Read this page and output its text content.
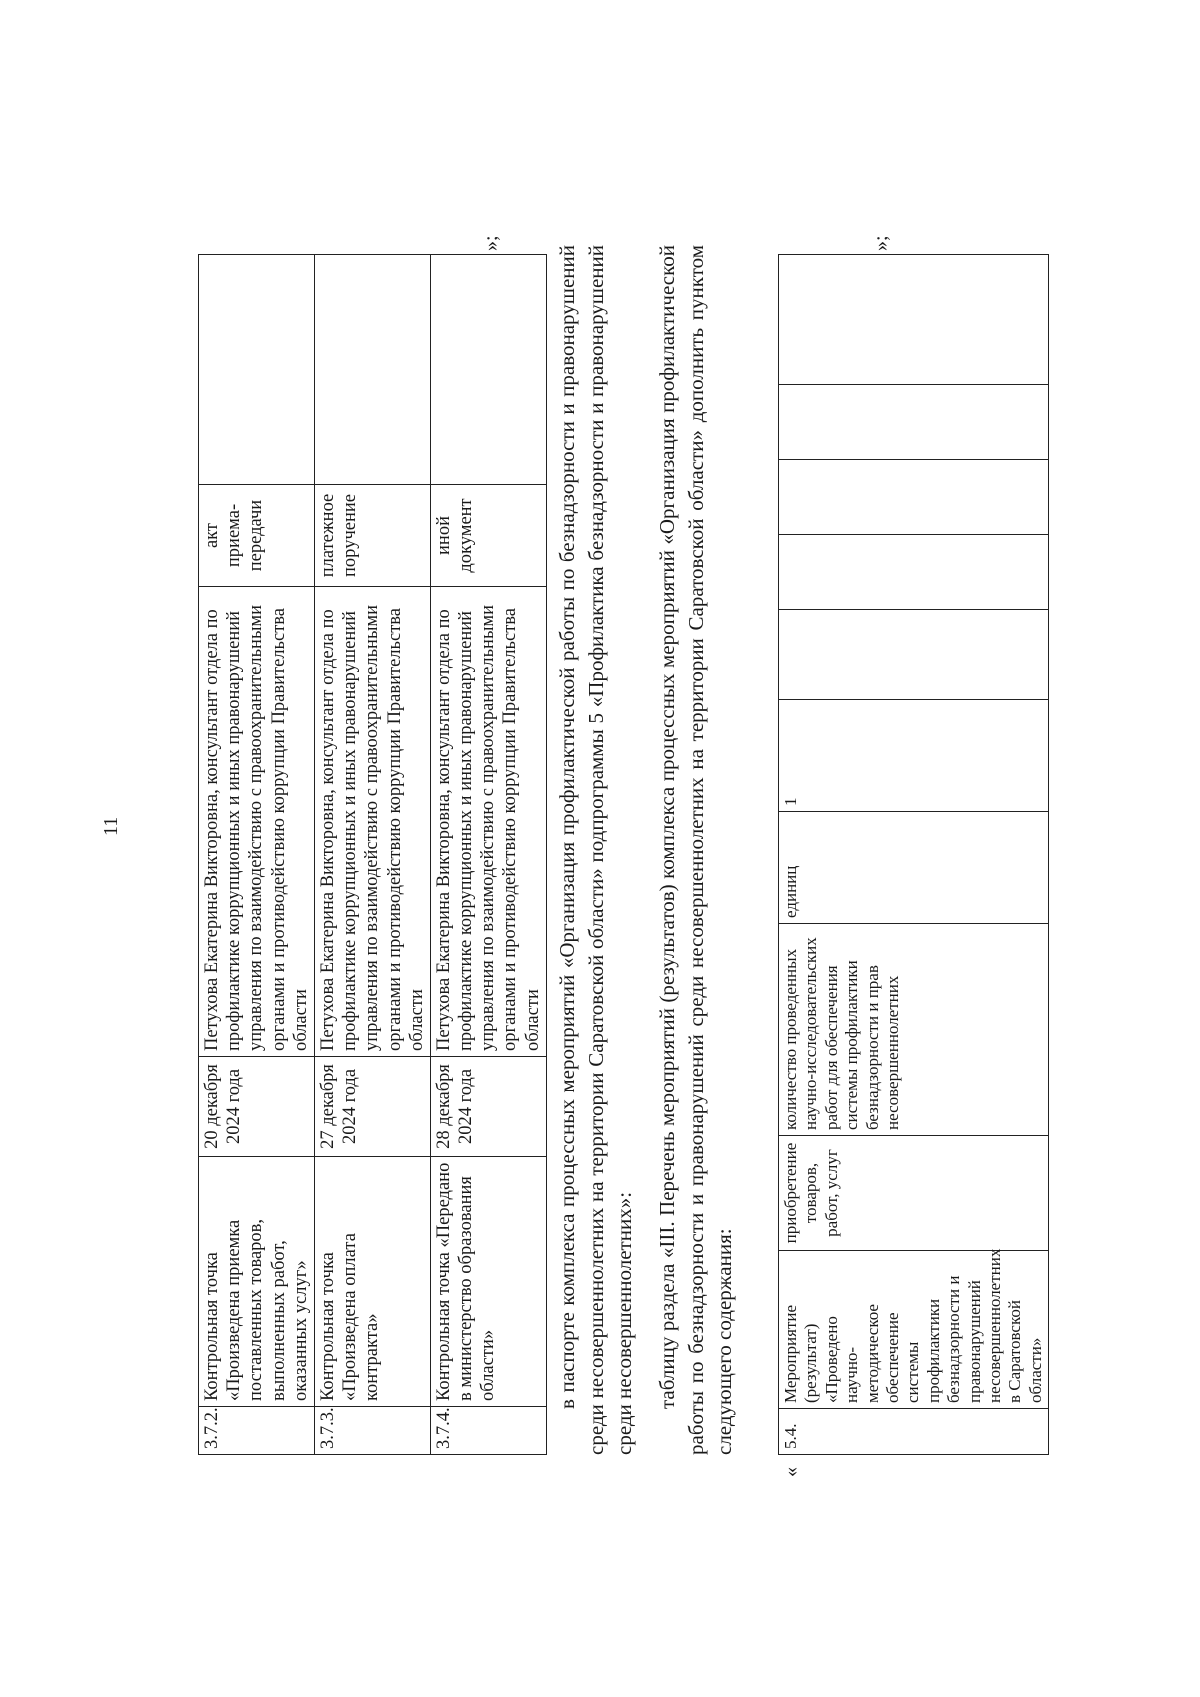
11
3.7.2.	Контрольная точка «Произведена приемка поставленных товаров, выполненных работ, оказанных услуг»	20 декабря 2024 года	Петухова Екатерина Викторовна, консультант отдела по профилактике коррупционных и иных правонарушений управления по взаимодействию с правоохранительными органами и противодействию коррупции Правительства области	акт приема-передачи	
3.7.3.	Контрольная точка «Произведена оплата контракта»	27 декабря 2024 года	Петухова Екатерина Викторовна, консультант отдела по профилактике коррупционных и иных правонарушений управления по взаимодействию с правоохранительными органами и противодействию коррупции Правительства области	платежное поручение	
3.7.4.	Контрольная точка «Передано в министерство образования области»	28 декабря 2024 года	Петухова Екатерина Викторовна, консультант отдела по профилактике коррупционных и иных правонарушений управления по взаимодействию с правоохранительными органами и противодействию коррупции Правительства области	иной документ	
»;

в паспорте комплекса процессных мероприятий «Организация профилактической работы по безнадзорности и правонарушений среди несовершеннолетних на территории Саратовской области» подпрограммы 5 «Профилактика безнадзорности и правонарушений среди несовершеннолетних»: таблицу раздела «III. Перечень мероприятий (результатов) комплекса процессных мероприятий «Организация профилактической работы по безнадзорности и правонарушений среди несовершеннолетних на территории Саратовской области» дополнить пунктом следующего содержания:

«
5.4.	Мероприятие (результат) «Проведено научно-методическое обеспечение системы профилактики безнадзорности и правонарушений несовершеннолетних в Саратовской области»	приобретение товаров, работ, услуг	количество проведенных научно-исследовательских работ для обеспечения системы профилактики безнадзорности и прав несовершеннолетних	единиц	1					
»;
